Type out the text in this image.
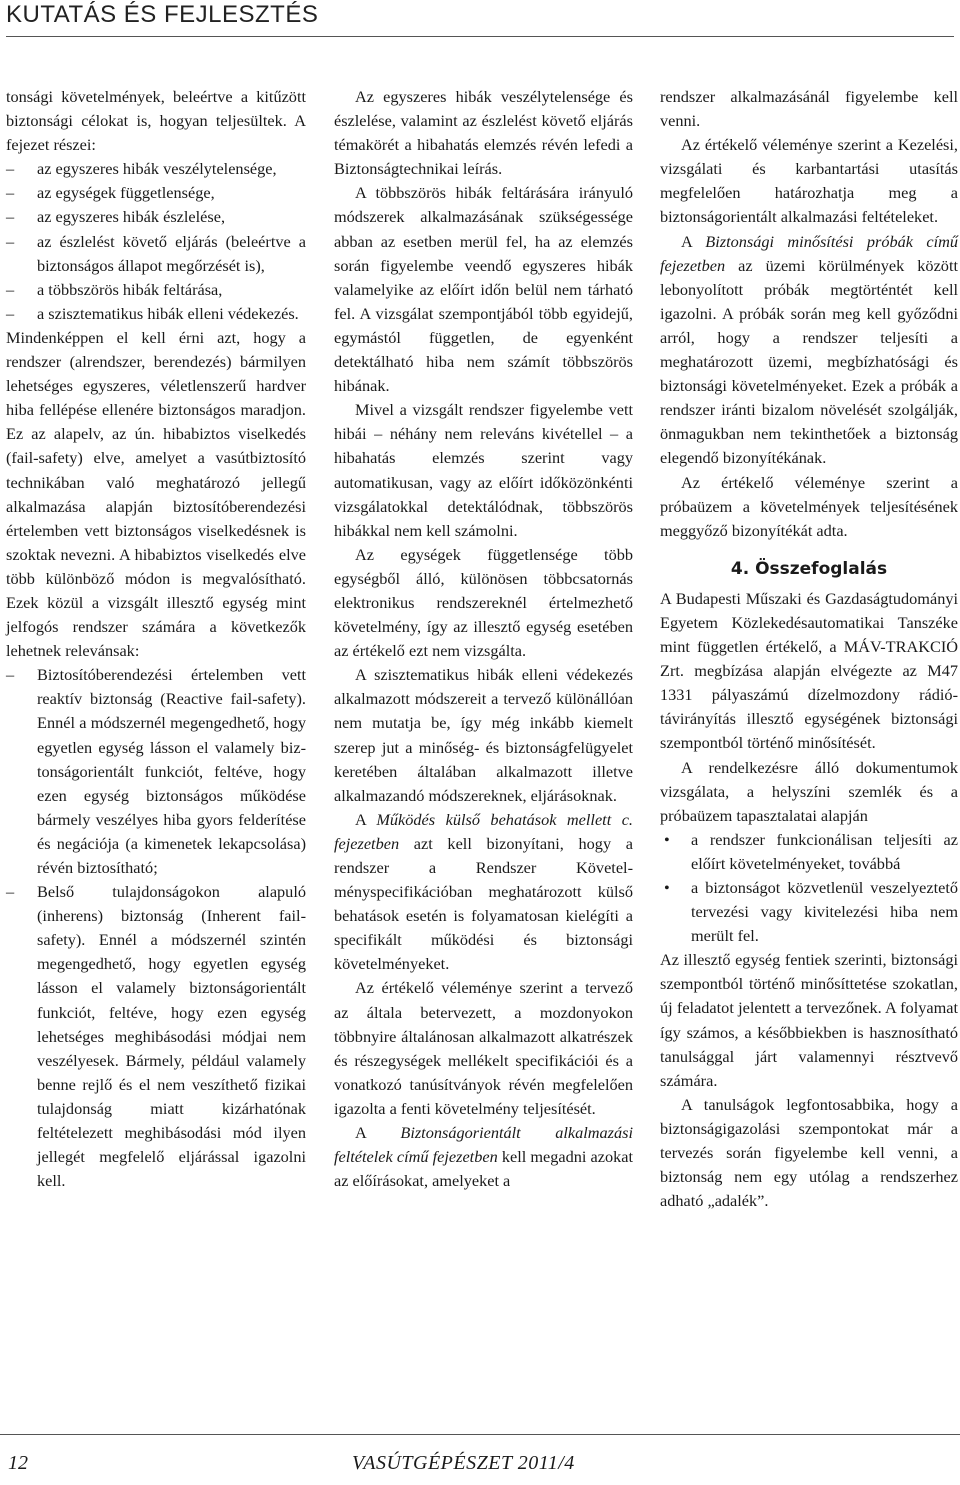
KUTATÁS ÉS FEJLESZTÉS

tonsági követelmények, beleértve a kitűzött biztonsági célokat is, hogyan teljesültek. A fejezet részei:

– az egyszeres hibák veszélytelensége,

– az egységek függetlensége,

– az egyszeres hibák észlelése,

– az észlelést követő eljárás (beleértve a biztonságos állapot megőrzését is),

– a többszörös hibák feltárása,

– a szisztematikus hibák elleni védekezés.

Mindenképpen el kell érni azt, hogy a rendszer (alrendszer, berendezés) bármilyen lehetséges egyszeres, véletlenszerű hardver hiba fellépése ellenére biztonságos maradjon. Ez az alapelv, az ún. hibabiztos viselkedés (fail-safety) elve, amelyet a vasútbiztosító technikában való meghatározó jellegű alkalmazása alapján biztosítóberendezési értelemben vett biztonságos viselkedésnek is szoktak nevezni. A hibabiztos viselkedés elve több különböző módon is megvalósítható. Ezek közül a vizsgált illesztő egység mint jelfogós rendszer számára a következők lehetnek relevánsak:

– Biztosítóberendezési értelemben vett reaktív biztonság (Reactive fail-safety). Ennél a módszernél megengedhető, hogy egyetlen egység lásson el valamely biztonságorientált funkciót, feltéve, hogy ezen egység biztonságos működése bármely veszélyes hiba gyors felderítése és negációja (a kimenetek lekapcsolása) révén biztosítható;

– Belső tulajdonságokon alapuló (inherens) biztonság (Inherent fail-safety). Ennél a módszernél szintén megengedhető, hogy egyetlen egység lásson el valamely biztonságorientált funkciót, feltéve, hogy ezen egység lehetséges meghibásodási módjai nem veszélyesek. Bármely, például valamely benne rejlő és el nem veszíthető fizikai tulajdonság miatt kizárhatónak feltételezett meghibásodási mód ilyen jellegét megfelelő eljárással igazolni kell.

Az egyszeres hibák veszélytelensége és észlelése, valamint az észlelést követő eljárás témakörét a hibahatás elemzés révén lefedi a Biztonságtechnikai leírás.

A többszörös hibák feltárására irányuló módszerek alkalmazásának szükségessége abban az esetben merül fel, ha az elemzés során figyelembe veendő egyszeres hibák valamelyike az előírt időn belül nem tárható fel. A vizsgálat szempontjából több egyidejű, egymástól független, de egyenként detektálható hiba nem számít többszörös hibának.

Mivel a vizsgált rendszer figyelembe vett hibái – néhány nem releváns kivétellel – a hibahatás elemzés szerint vagy automatikusan, vagy az előírt időközönkénti vizsgálatokkal detektálódnak, többszörös hibákkal nem kell számolni.

Az egységek függetlensége több egységből álló, különösen többcsatornás elektronikus rendszereknél értelmezhető követelmény, így az illesztő egység esetében az értékelő ezt nem vizsgálta.

A szisztematikus hibák elleni védekezés alkalmazott módszereit a tervező különállóan nem mutatja be, így még inkább kiemelt szerep jut a minőség- és biztonságfelügyelet keretében általában alkalmazott illetve alkalmazandó módszereknek, eljárásoknak.

A Működés külső behatások mellett c. fejezetben azt kell bizonyítani, hogy a rendszer a Rendszer Követelményspecifikációban meghatározott külső behatások esetén is folyamatosan kielégíti a specifikált működési és biztonsági követelményeket.

Az értékelő véleménye szerint a tervező az általa betervezett, a mozdonyokon többnyire általánosan alkalmazott alkatrészek és részegységek mellékelt specifikációi és a vonatkozó tanúsítványok révén megfelelően igazolta a fenti követelmény teljesítését.

A Biztonságorientált alkalmazási feltételek című fejezetben kell megadni azokat az előírásokat, amelyeket a

rendszer alkalmazásánál figyelembe kell venni.

Az értékelő véleménye szerint a Kezelési, vizsgálati és karbantartási utasítás megfelelően határozhatja meg a biztonságorientált alkalmazási feltételeket.

A Biztonsági minősítési próbák című fejezetben az üzemi körülmények között lebonyolított próbák megtörténtét kell igazolni. A próbák során meg kell győződni arról, hogy a rendszer teljesíti a meghatározott üzemi, megbízhatósági és biztonsági követelményeket. Ezek a próbák a rendszer iránti bizalom növelését szolgálják, önmagukban nem tekinthetőek a biztonság elegendő bizonyítékának.

Az értékelő véleménye szerint a próbaüzem a követelmények teljesítésének meggyőző bizonyítékát adta.

4. Összefoglalás

A Budapesti Műszaki és Gazdaságtudományi Egyetem Közlekedésautomatikai Tanszéke mint független értékelő, a MÁV-TRAKCIÓ Zrt. megbízása alapján elvégezte az M47 1331 pályaszámú dízelmozdony rádió-távirányítás illesztő egységének biztonsági szempontból történő minősítését.

A rendelkezésre álló dokumentumok vizsgálata, a helyszíni szemlék és a próbaüzem tapasztalatai alapján

• a rendszer funkcionálisan teljesíti az előírt követelményeket, továbbá

• a biztonságot közvetlenül veszelyeztető tervezési vagy kivitelezési hiba nem merült fel.

Az illesztő egység fentiek szerinti, biztonsági szempontból történő minősíttetése szokatlan, új feladatot jelentett a tervezőnek. A folyamat így számos, a későbbiekben is hasznosítható tanulsággal járt valamennyi résztvevő számára.

A tanulságok legfontosabbika, hogy a biztonságigazolási szempontokat már a tervezés során figyelembe kell venni, a biztonság nem egy utólag a rendszerhez adható „adalék”.

12	VASÚTGÉPÉSZET 2011/4
